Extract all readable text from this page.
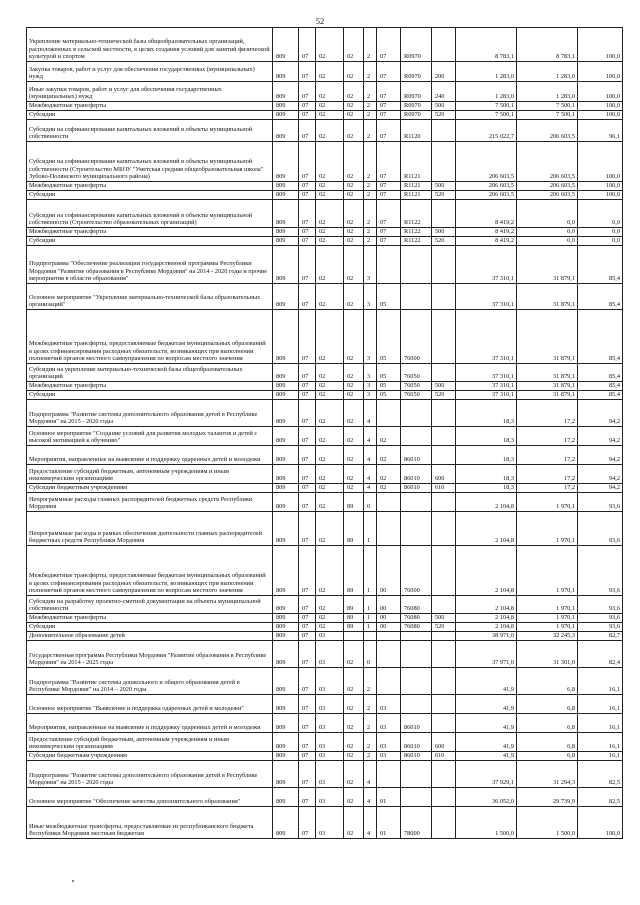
52
Укрепление материально-технической базы общеобразовательных организаций, расположенных в сельской местности, в целях создания условий для занятий физической культурой и спортом	809	07	02	02	2	07	R0970		8 783,1	8 783,1	100,0
Закупка товаров, работ и услуг для обеспечения государственных (муниципальных) нужд	809	07	02	02	2	07	R0970	200	1 283,0	1 283,0	100,0
Иные закупки товаров, работ и услуг для обеспечения государственных (муниципальных) нужд	809	07	02	02	2	07	R0970	240	1 283,0	1 283,0	100,0
Межбюджетные трансферты	809	07	02	02	2	07	R0970	500	7 500,1	7 500,1	100,0
Субсидии	809	07	02	02	2	07	R0970	520	7 500,1	7 500,1	100,0
Субсидии на софинансирование капитальных вложений в объекты муниципальной собственности	809	07	02	02	2	07	R1120		215 022,7	206 603,5	96,1
Субсидии на софинансирование капитальных вложений в объекты муниципальной собственности (Строительство МБОУ "Уметская средняя общеобразовательная школа" Зубово-Полянского муниципального района)	809	07	02	02	2	07	R1121		206 603,5	206 603,5	100,0
Межбюджетные трансферты	809	07	02	02	2	07	R1121	500	206 603,5	206 603,5	100,0
Субсидии	809	07	02	02	2	07	R1121	520	206 603,5	206 603,5	100,0
Субсидии на софинансирование капитальных вложений в объекты муниципальной собственности (Строительство образовательных организаций)	809	07	02	02	2	07	R1122		8 419,2	0,0	0,0
Межбюджетные трансферты	809	07	02	02	2	07	R1122	500	8 419,2	0,0	0,0
Субсидии	809	07	02	02	2	07	R1122	520	8 419,2	0,0	0,0
Подпрограмма "Обеспечение реализации государственной программы Республики Мордовия "Развитие образования в Республике Мордовия" на 2014 - 2020 годы и прочие мероприятия в области образования"	809	07	02	02	3				37 310,1	31 879,1	85,4
Основное мероприятие "Укрепление материально-технической базы образовательных организаций"	809	07	02	02	3	05			37 310,1	31 879,1	85,4
Межбюджетные трансферты, предоставляемые бюджетам муниципальных образований в целях софинансирования расходных обязательств, возникающих при выполнении полномочий органов местного самоуправления по вопросам местного значения	809	07	02	02	3	05	76000		37 310,1	31 879,1	85,4
Субсидии на укрепление материально-технической базы общеобразовательных организаций	809	07	02	02	3	05	76050		37 310,1	31 879,1	85,4
Межбюджетные трансферты	809	07	02	02	3	05	76050	500	37 310,1	31 879,1	85,4
Субсидии	809	07	02	02	3	05	76050	520	37 310,1	31 879,1	85,4
Подпрограмма "Развитие системы дополнительного образования детей в Республике Мордовия" на 2015 - 2020 годы	809	07	02	02	4				18,3	17,2	94,2
Основное мероприятие "Создание условий для развития молодых талантов и детей с высокой мотивацией к обучению"	809	07	02	02	4	02			18,3	17,2	94,2
Мероприятия, направленные на выявление и поддержку одаренных детей и молодежи	809	07	02	02	4	02	86010		18,3	17,2	94,2
Предоставление субсидий бюджетным, автономным учреждениям и иным некоммерческим организациям	809	07	02	02	4	02	86010	600	18,3	17,2	94,2
Субсидии бюджетным учреждениям	809	07	02	02	4	02	86010	610	18,3	17,2	94,2
Непрограммные расходы главных распорядителей бюджетных средств Республики Мордовия	809	07	02	89	0				2 104,8	1 970,1	93,6
Непрограммные расходы в рамках обеспечения деятельности главных распорядителей бюджетных средств Республики Мордовия	809	07	02	89	1				2 104,8	1 970,1	93,6
Межбюджетные трансферты, предоставляемые бюджетам муниципальных образований в целях софинансирования расходных обязательств, возникающих при выполнении полномочий органов местного самоуправления по вопросам местного значения	809	07	02	89	1	00	76000		2 104,8	1 970,1	93,6
Субсидии на разработку проектно-сметной документации на объекты муниципальной собственности	809	07	02	89	1	00	76080		2 104,8	1 970,1	93,6
Межбюджетные трансферты	809	07	02	89	1	00	76080	500	2 104,8	1 970,1	93,6
Субсидии	809	07	02	89	1	00	76080	520	2 104,8	1 970,1	93,6
Дополнительное образование детей	809	07	03						38 971,0	32 245,3	82,7
Государственная программа Республики Мордовия "Развитие образования в Республике Мордовия" на 2014 - 2025 годы	809	07	03	02	0				37 971,0	31 301,0	82,4
Подпрограмма "Развитие системы дошкольного и общего образования детей в Республике Мордовия" на 2014 – 2020 годы	809	07	03	02	2				41,9	6,8	16,1
Основное мероприятие "Выявление и поддержка одаренных детей и молодежи"	809	07	03	02	2	03			41,9	6,8	16,1
Мероприятия, направленные на выявление и поддержку одаренных детей и молодежи	809	07	03	02	2	03	86010		41,9	6,8	16,1
Предоставление субсидий бюджетным, автономным учреждениям и иным некоммерческим организациям	809	07	03	02	2	03	86010	600	41,9	6,8	16,1
Субсидии бюджетным учреждениям	809	07	03	02	2	03	86010	610	41,9	6,8	16,1
Подпрограмма "Развитие системы дополнительного образования детей в Республике Мордовия" на 2015 - 2020 годы	809	07	03	02	4				37 929,1	31 294,3	82,5
Основное мероприятие "Обеспечение качества дополнительного образования"	809	07	03	02	4	01			36 052,0	29 739,9	82,5
Иные межбюджетные трансферты, предоставляемые из республиканского бюджета Республики Мордовия местным бюджетам	809	07	03	02	4	01	78000		1 500,0	1 500,0	100,0
